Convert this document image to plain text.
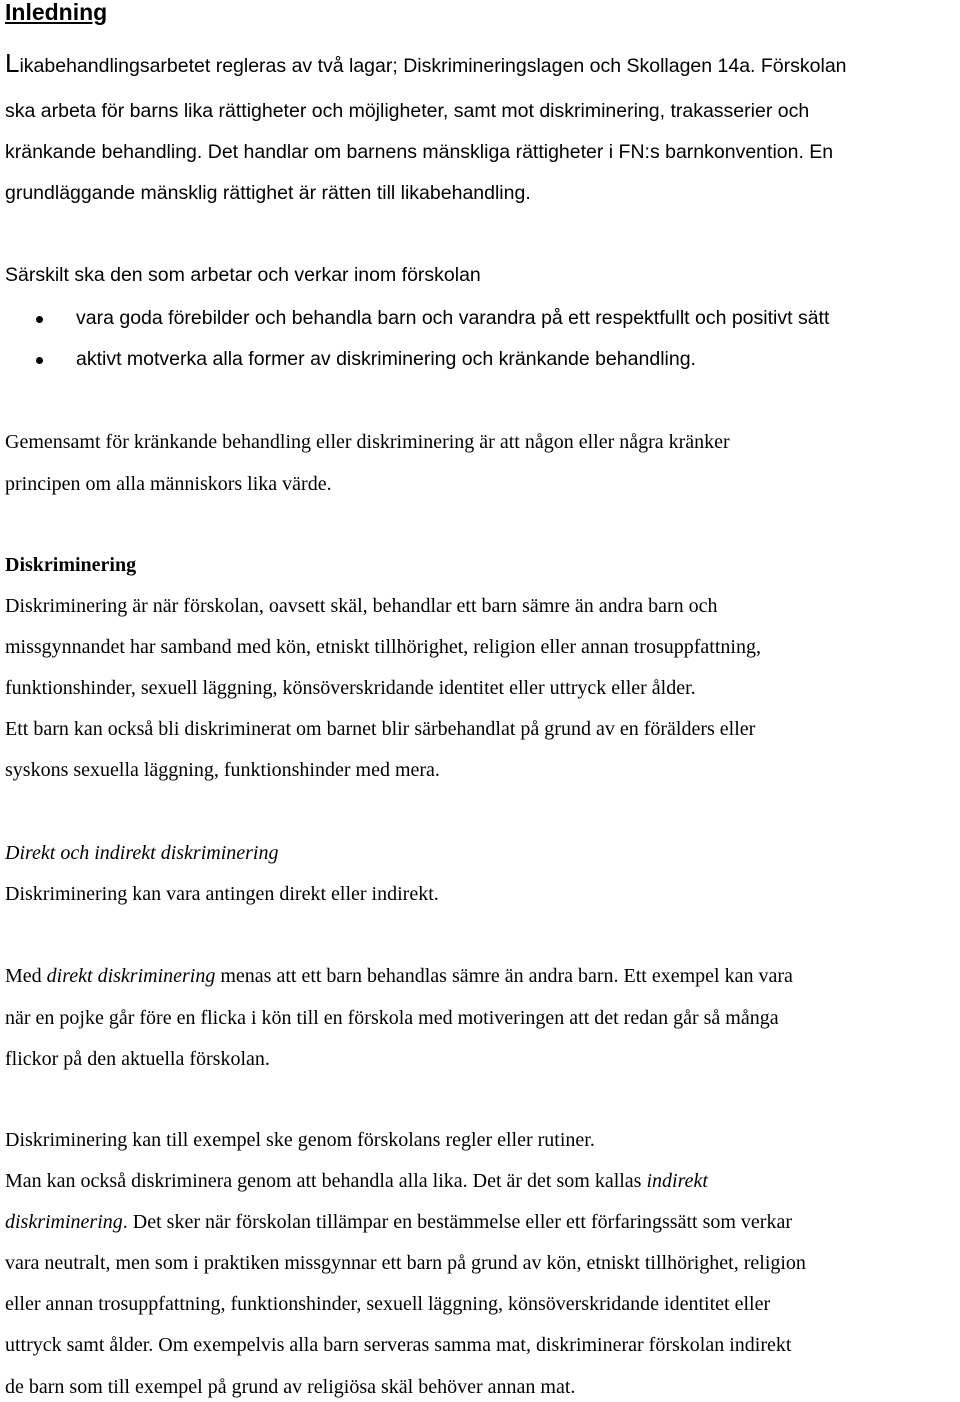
Inledning
Likabehandlingsarbetet regleras av två lagar; Diskrimineringslagen och Skollagen 14a. Förskolan
ska arbeta för barns lika rättigheter och möjligheter, samt mot diskriminering, trakasserier och
kränkande behandling. Det handlar om barnens mänskliga rättigheter i FN:s barnkonvention. En
grundläggande mänsklig rättighet är rätten till likabehandling.
Särskilt ska den som arbetar och verkar inom förskolan
vara goda förebilder och behandla barn och varandra på ett respektfullt och positivt sätt
aktivt motverka alla former av diskriminering och kränkande behandling.
Gemensamt för kränkande behandling eller diskriminering är att någon eller några kränker
principen om alla människors lika värde.
Diskriminering
Diskriminering är när förskolan, oavsett skäl, behandlar ett barn sämre än andra barn och
missgynnandet har samband med kön, etniskt tillhörighet, religion eller annan trosuppfattning,
funktionshinder, sexuell läggning, könsöverskridande identitet eller uttryck eller ålder.
Ett barn kan också bli diskriminerat om barnet blir särbehandlat på grund av en förälders eller
syskons sexuella läggning, funktionshinder med mera.
Direkt och indirekt diskriminering
Diskriminering kan vara antingen direkt eller indirekt.
Med direkt diskriminering menas att ett barn behandlas sämre än andra barn. Ett exempel kan vara
när en pojke går före en flicka i kön till en förskola med motiveringen att det redan går så många
flickor på den aktuella förskolan.
Diskriminering kan till exempel ske genom förskolans regler eller rutiner.
Man kan också diskriminera genom att behandla alla lika. Det är det som kallas indirekt
diskriminering. Det sker när förskolan tillämpar en bestämmelse eller ett förfaringssätt som verkar
vara neutralt, men som i praktiken missgynnar ett barn på grund av kön, etniskt tillhörighet, religion
eller annan trosuppfattning, funktionshinder, sexuell läggning, könsöverskridande identitet eller
uttryck samt ålder. Om exempelvis alla barn serveras samma mat, diskriminerar förskolan indirekt
de barn som till exempel på grund av religiösa skäl behöver annan mat.
